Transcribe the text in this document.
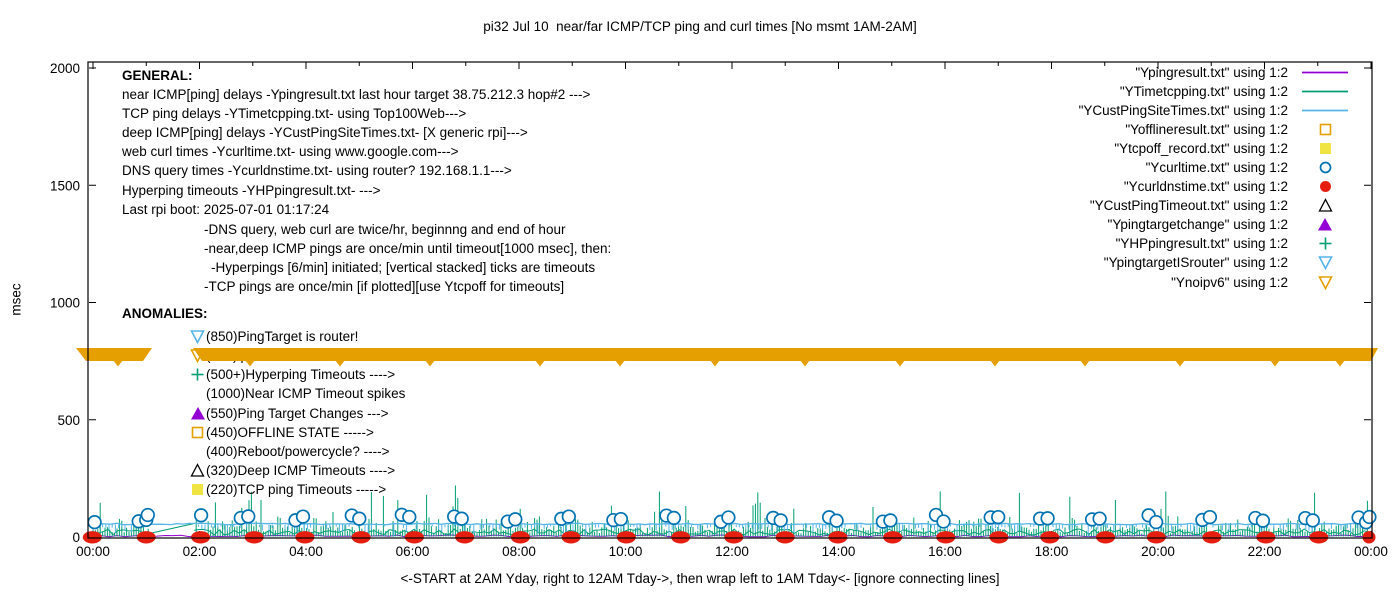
00:00	02:00	04:00	06:00	08:00	10:00	12:00	14:00	16:00	18:00	20:00	22:00	00:00
0
500
1000
1500
2000
pi32 Jul 10  near/far ICMP/TCP ping and curl times [No msmt 1AM-2AM]
msec
<-START at 2AM Yday, right to 12AM Tday->, then wrap left to 1AM Tday<- [ignore connecting lines]
GENERAL:
near ICMP[ping] delays -Ypingresult.txt last hour target 38.75.212.3 hop#2 --->
TCP ping delays -YTimetcpping.txt- using Top100Web--->
deep ICMP[ping] delays -YCustPingSiteTimes.txt- [X generic rpi]--->
web curl times -Ycurltime.txt- using www.google.com--->
DNS query times -Ycurldnstime.txt- using router? 192.168.1.1--->
Hyperping timeouts -YHPpingresult.txt- --->
Last rpi boot: 2025-07-01 01:17:24
-DNS query, web curl are twice/hr, beginnng and end of hour
-near,deep ICMP pings are once/min until timeout[1000 msec], then:
-Hyperpings [6/min] initiated; [vertical stacked] ticks are timeouts
-TCP pings are once/min [if plotted][use Ytcpoff for timeouts]
ANOMALIES:
(850)PingTarget is router!
(500+)Hyperping Timeouts ---->
(1000)Near ICMP Timeout spikes
(550)Ping Target Changes --->
(450)OFFLINE STATE ----->
(400)Reboot/powercycle? ---->
(320)Deep ICMP Timeouts ---->
(220)TCP ping Timeouts ----->
"Ypingresult.txt" using 1:2
"YTimetcpping.txt" using 1:2
"YCustPingSiteTimes.txt" using 1:2
"Yofflineresult.txt" using 1:2
"Ytcpoff_record.txt" using 1:2
"Ycurltime.txt" using 1:2
"Ycurldnstime.txt" using 1:2
"YCustPingTimeout.txt" using 1:2
"Ypingtargetchange" using 1:2
"YHPpingresult.txt" using 1:2
"YpingtargetISrouter" using 1:2
"Ynoipv6" using 1:2
